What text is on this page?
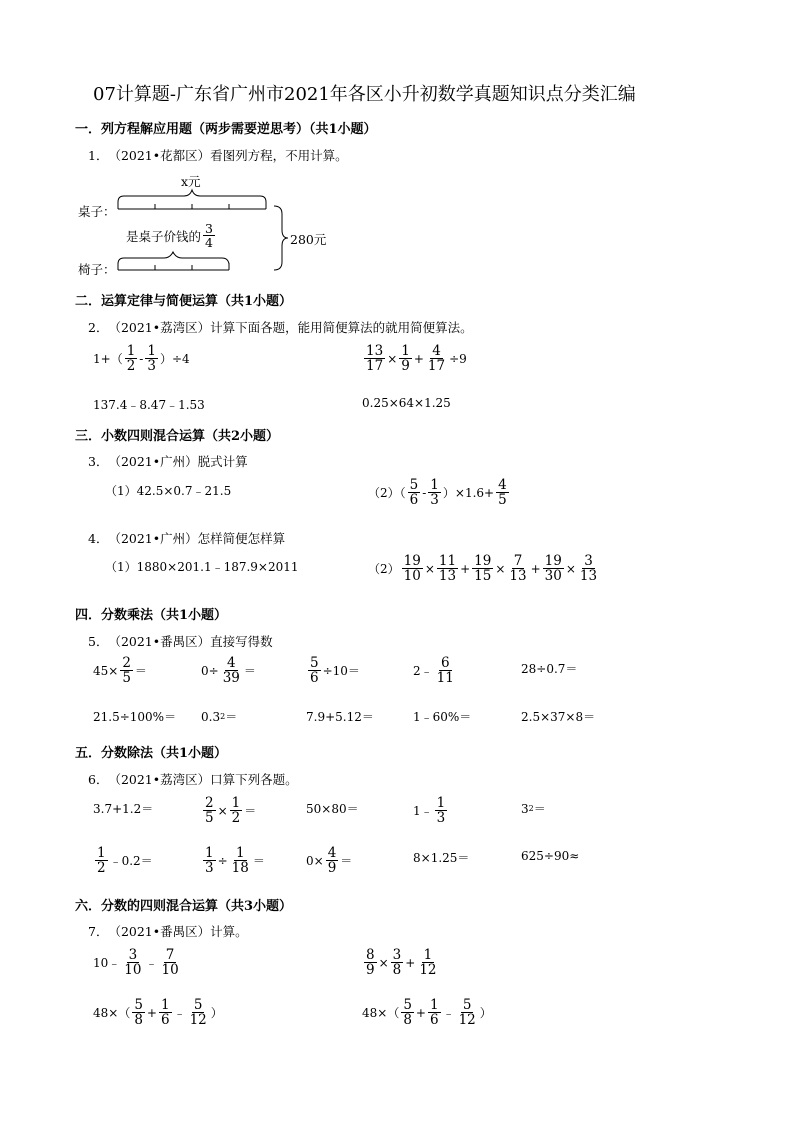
07计算题-广东省广州市2021年各区小升初数学真题知识点分类汇编
一．列方程解应用题（两步需要逆思考）（共1小题）
1．　（2021•花都区）看图列方程，不用计算。
x元
桌子：
是桌子价钱的 $\frac{3}{4}$
椅子：
280元
二．运算定律与简便运算（共1小题）
2．　（2021•荔湾区）计算下面各题，能用简便算法的就用简便算法。
$1+( \frac{1}{2} - \frac{1}{3} )\div 4$	$\frac{13}{17} \times \frac{1}{9} + \frac{4}{17} \div 9$
137.4﹣8.47﹣1.53	0.25×64×1.25
三．小数四则混合运算（共2小题）
3．　（2021•广州）脱式计算
（1）42.5×0.7﹣21.5	$(2)( \frac{5}{6} - \frac{1}{3} )\times 1.6+ \frac{4}{5}$
4．　（2021•广州）怎样简便怎样算
（1）1880×201.1﹣187.9×2011	$(2) \frac{19}{10} \times \frac{11}{13} + \frac{19}{15} \times \frac{7}{13} + \frac{19}{30} \times \frac{3}{13}$
四．分数乘法（共1小题）
5．　（2021•番禺区）直接写得数
$45\times \frac{2}{5}$ ＝	$0\div \frac{4}{39}$ ＝	$\frac{5}{6} \div 10=$	2﹣ $\frac{6}{11}$	28÷0.7＝
21.5÷100%＝ 0.3 2 ＝	7.9+5.12＝	1﹣60%＝	2.5×37×8＝
五．分数除法（共1小题）
6．　（2021•荔湾区）口算下列各题。
3.7+1.2＝	$\frac{2}{5} \times \frac{1}{2}$ ＝	50×80＝	1﹣ $\frac{1}{3}$	3 2 ＝
$\frac{1}{2}$ ﹣0.2＝	$\frac{1}{3} \div \frac{1}{18}$ ＝	$0\times \frac{4}{9}$ ＝	8×1.25＝	625÷90≈
六．分数的四则混合运算（共3小题）
7．　（2021•番禺区）计算。
10﹣ $\frac{3}{10}$ ﹣ $\frac{7}{10}$	$\frac{8}{9} \times \frac{3}{8} + \frac{1}{12}$
$48\times( \frac{5}{8} + \frac{1}{6}$ ﹣ $\frac{5}{12}$ ）	$48\times( \frac{5}{8} + \frac{1}{6}$ ﹣ $\frac{5}{12}$ ）
